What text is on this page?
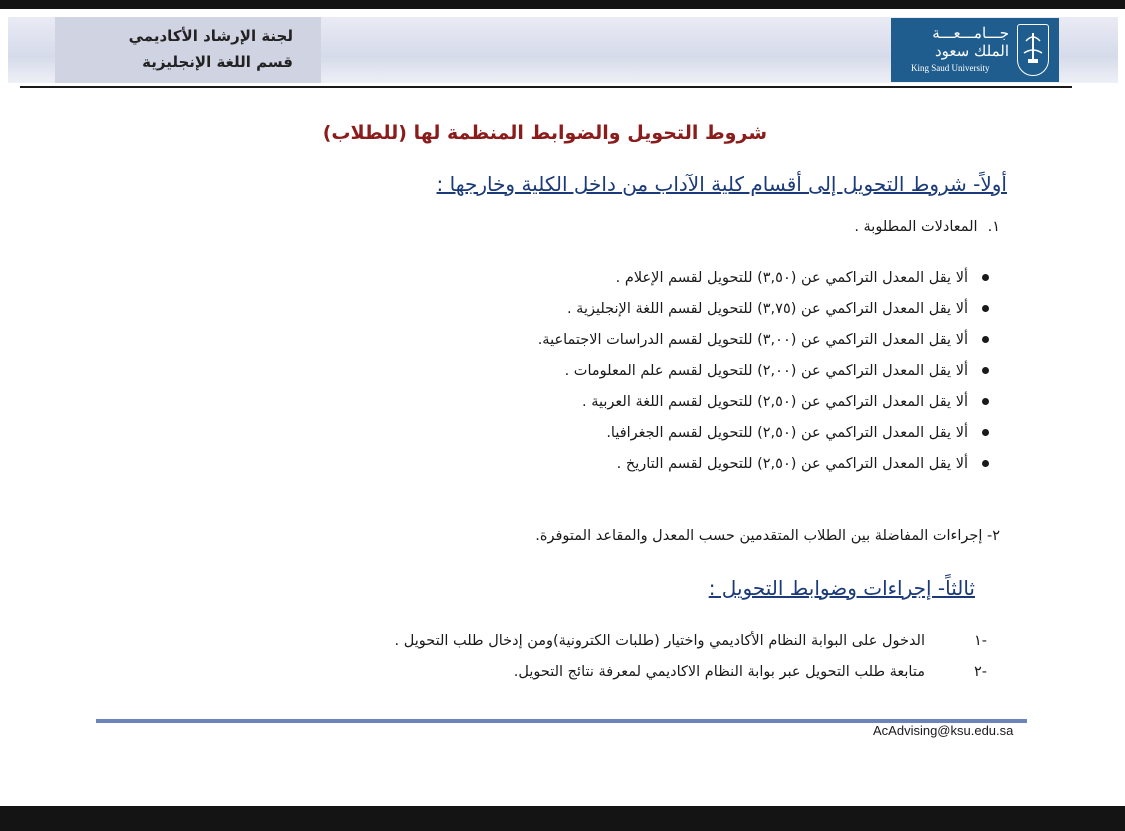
لجنة الإرشاد الأكاديمي
قسم اللغة الإنجليزية
جـــامـــعـــة
الملك سعود
King Saud University
شروط التحويل والضوابط المنظمة لها (للطلاب)
أولاً- شروط التحويل إلى أقسام كلية الآداب من داخل الكلية وخارجها :
١.المعادلات المطلوبة .
ألا يقل المعدل التراكمي عن (٣,٥٠) للتحويل لقسم الإعلام .
ألا يقل المعدل التراكمي عن (٣,٧٥) للتحويل لقسم اللغة الإنجليزية .
ألا يقل المعدل التراكمي عن (٣,٠٠) للتحويل لقسم الدراسات الاجتماعية.
ألا يقل المعدل التراكمي عن (٢,٠٠) للتحويل لقسم علم المعلومات .
ألا يقل المعدل التراكمي عن (٢,٥٠) للتحويل لقسم اللغة العربية .
ألا يقل المعدل التراكمي عن (٢,٥٠) للتحويل لقسم الجغرافيا.
ألا يقل المعدل التراكمي عن (٢,٥٠) للتحويل لقسم التاريخ .
٢- إجراءات المفاضلة بين الطلاب المتقدمين حسب المعدل والمقاعد المتوفرة.
ثالثاً- إجراءات وضوابط التحويل :
-١
الدخول على البوابة النظام الأكاديمي واختيار (طلبات الكترونية)ومن إدخال طلب التحويل .
-٢
متابعة طلب التحويل عبر بوابة النظام الاكاديمي لمعرفة نتائج التحويل.
AcAdvising@ksu.edu.sa
